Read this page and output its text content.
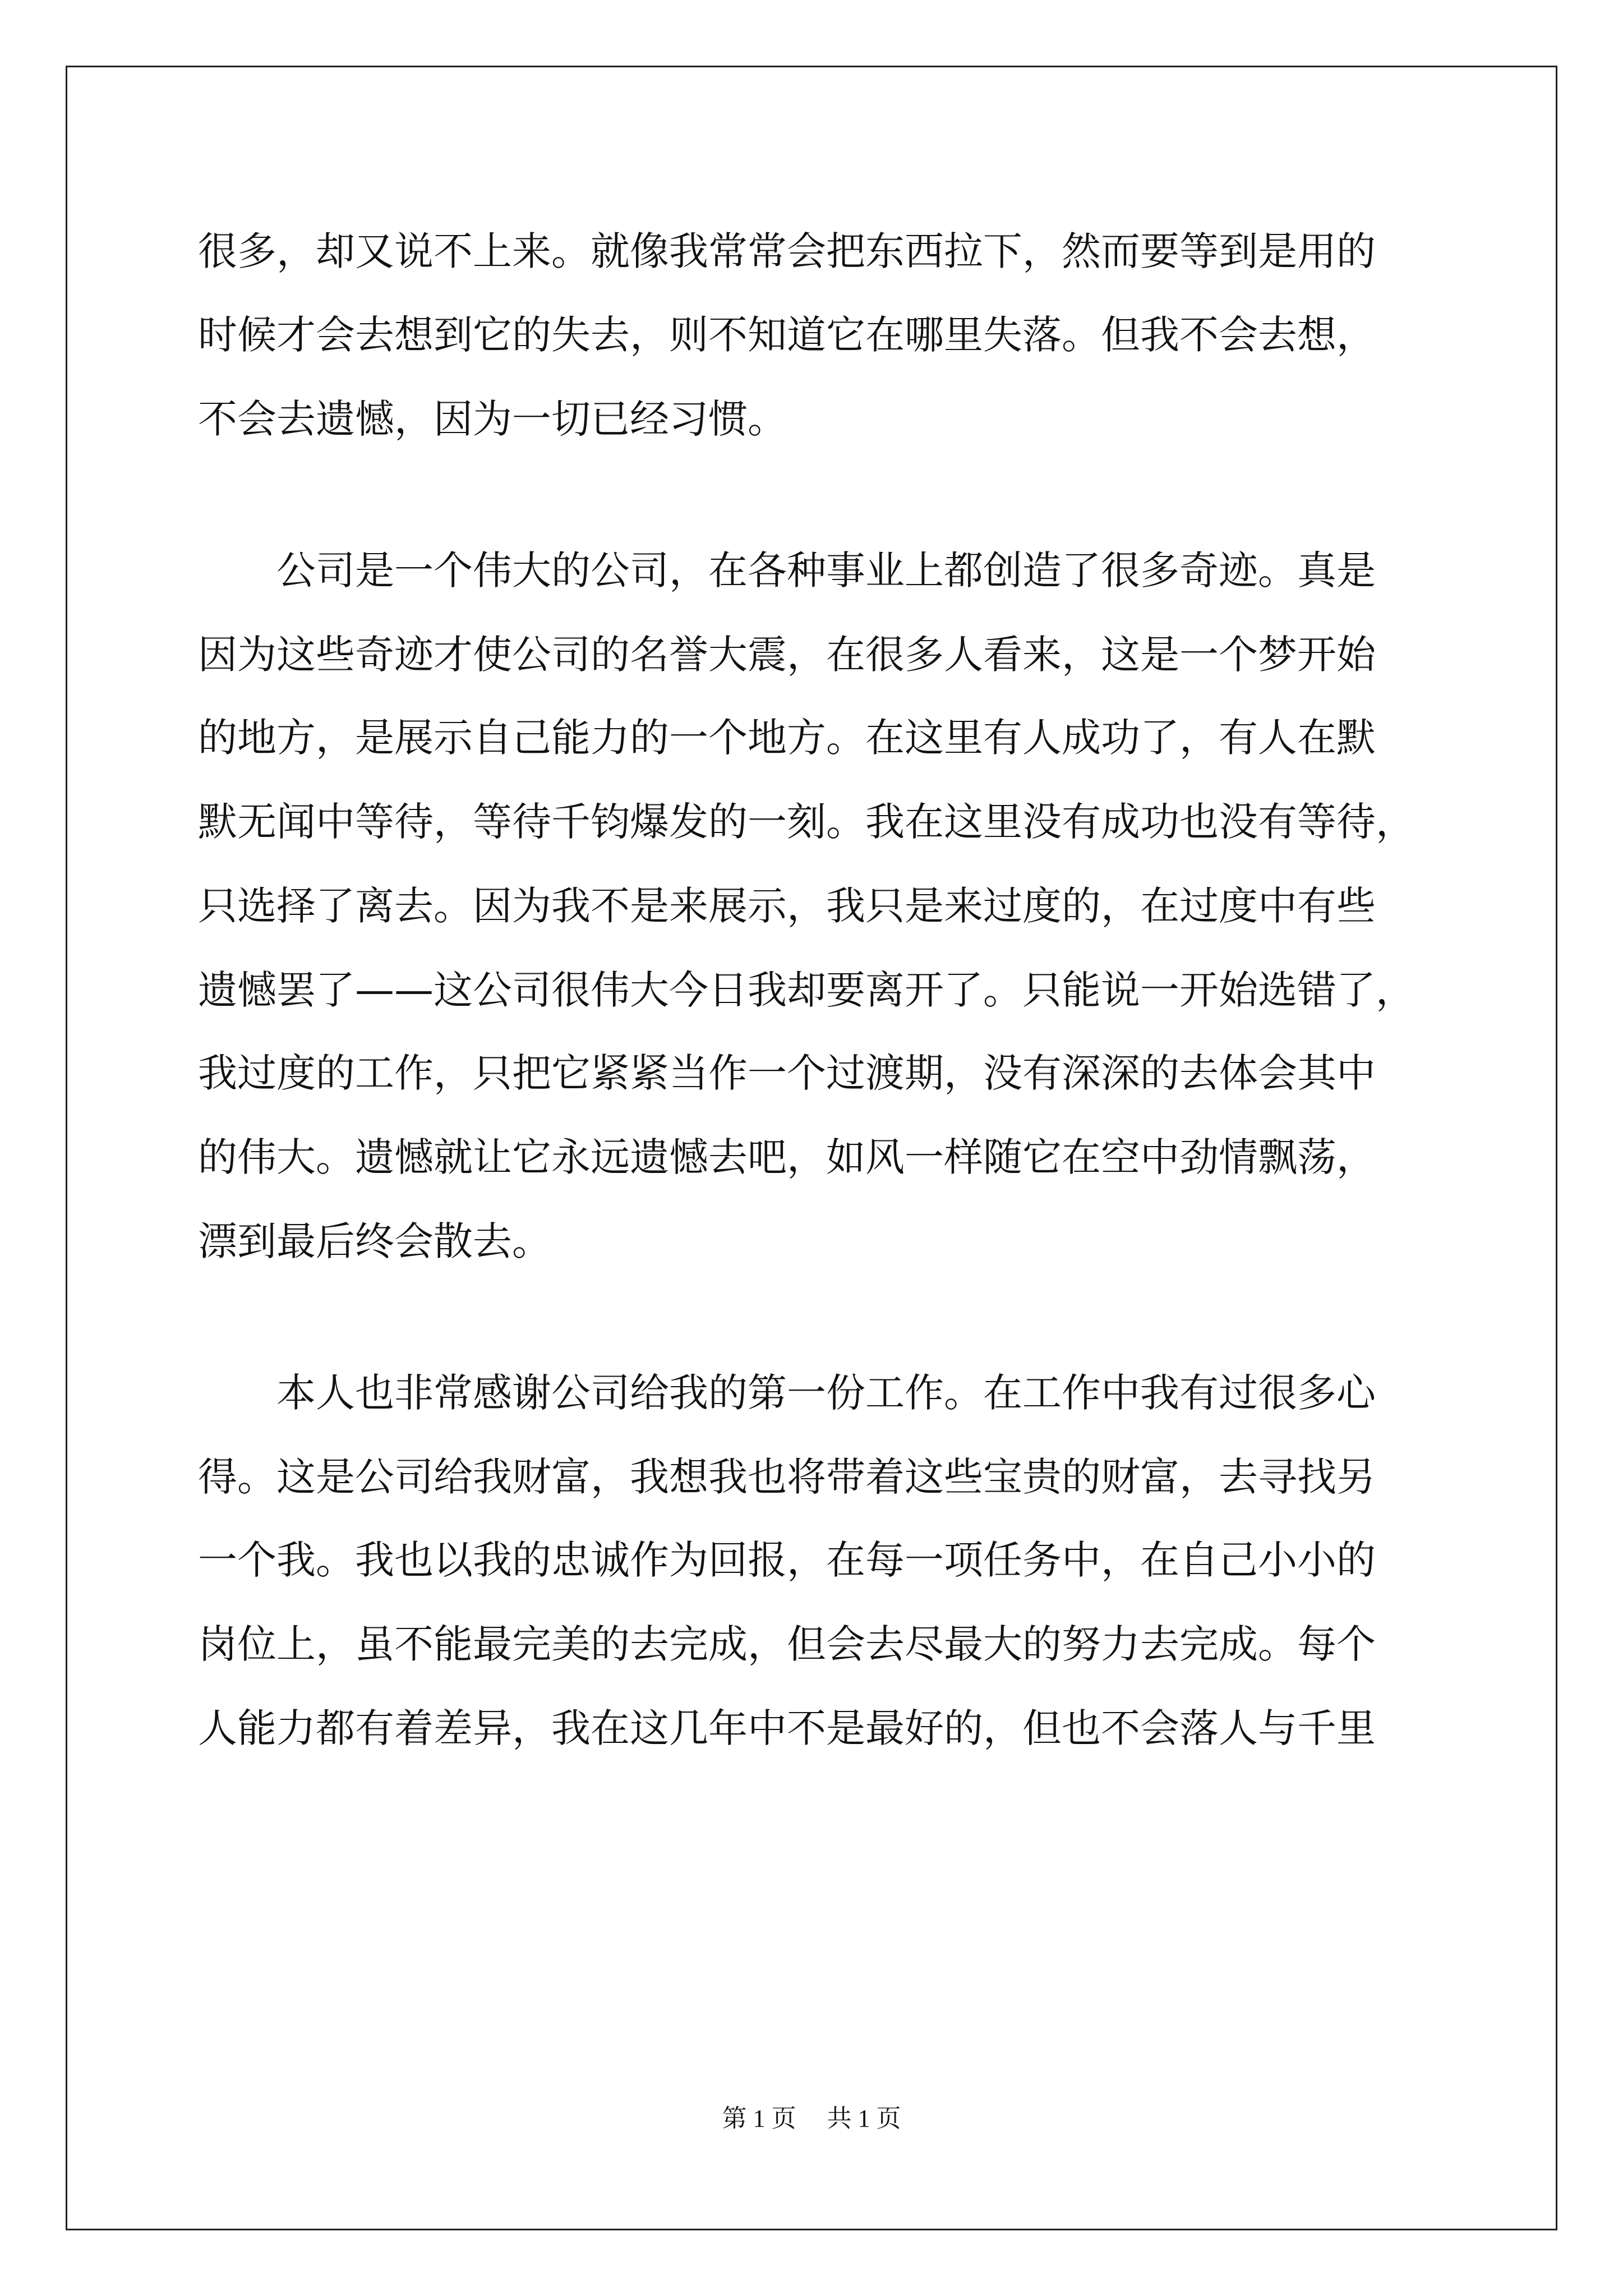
很多，却又说不上来。就像我常常会把东西拉下，然而要等到是用的
时候才会去想到它的失去，则不知道它在哪里失落。但我不会去想，
不会去遗憾，因为一切已经习惯。
　　公司是一个伟大的公司，在各种事业上都创造了很多奇迹。真是
因为这些奇迹才使公司的名誉大震，在很多人看来，这是一个梦开始
的地方，是展示自己能力的一个地方。在这里有人成功了，有人在默
默无闻中等待，等待千钧爆发的一刻。我在这里没有成功也没有等待，
只选择了离去。因为我不是来展示，我只是来过度的，在过度中有些
遗憾罢了——这公司很伟大今日我却要离开了。只能说一开始选错了，
我过度的工作，只把它紧紧当作一个过渡期，没有深深的去体会其中
的伟大。遗憾就让它永远遗憾去吧，如风一样随它在空中劲情飘荡，
漂到最后终会散去。
　　本人也非常感谢公司给我的第一份工作。在工作中我有过很多心
得。这是公司给我财富，我想我也将带着这些宝贵的财富，去寻找另
一个我。我也以我的忠诚作为回报，在每一项任务中，在自己小小的
岗位上，虽不能最完美的去完成，但会去尽最大的努力去完成。每个
人能力都有着差异，我在这几年中不是最好的，但也不会落人与千里
第 1 页　 共 1 页
